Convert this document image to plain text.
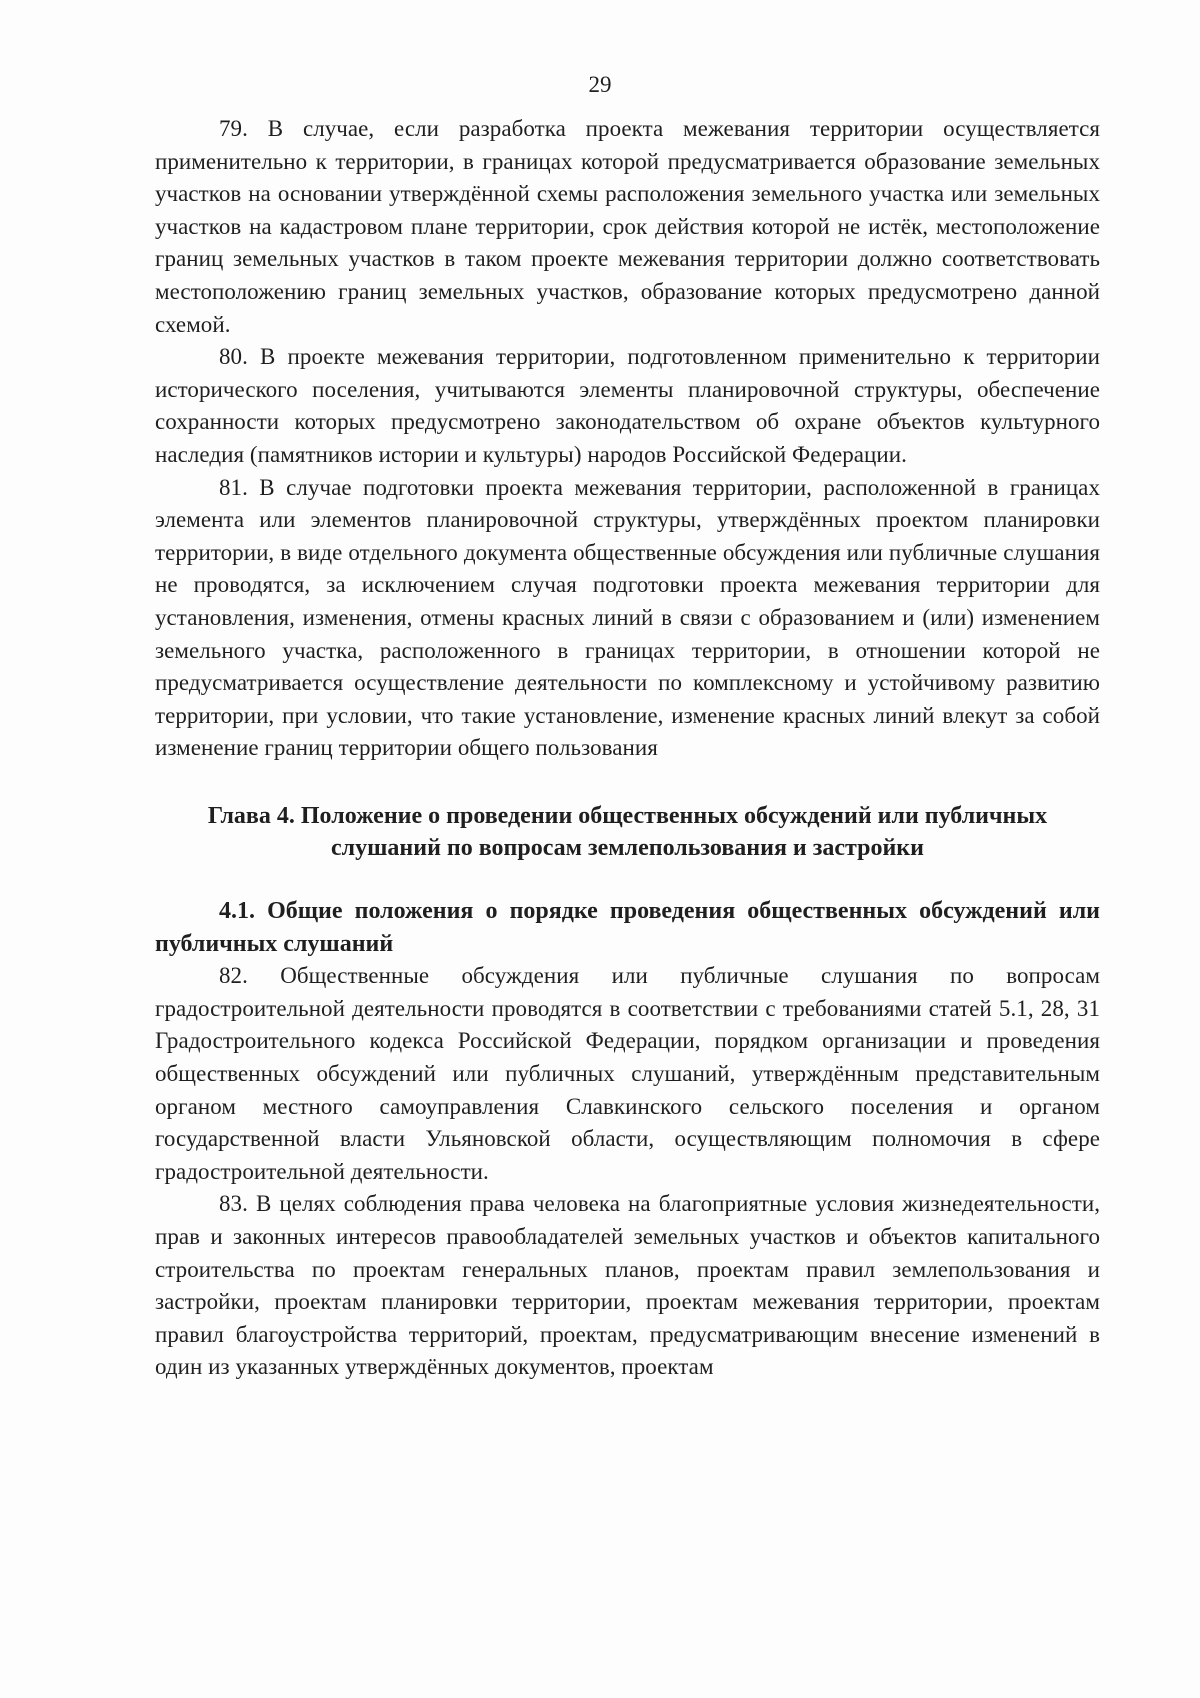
29

79. В случае, если разработка проекта межевания территории осуществляется применительно к территории, в границах которой предусматривается образование земельных участков на основании утверждённой схемы расположения земельного участка или земельных участков на кадастровом плане территории, срок действия которой не истёк, местоположение границ земельных участков в таком проекте межевания территории должно соответствовать местоположению границ земельных участков, образование которых предусмотрено данной схемой.

80. В проекте межевания территории, подготовленном применительно к территории исторического поселения, учитываются элементы планировочной структуры, обеспечение сохранности которых предусмотрено законодательством об охране объектов культурного наследия (памятников истории и культуры) народов Российской Федерации.

81. В случае подготовки проекта межевания территории, расположенной в границах элемента или элементов планировочной структуры, утверждённых проектом планировки территории, в виде отдельного документа общественные обсуждения или публичные слушания не проводятся, за исключением случая подготовки проекта межевания территории для установления, изменения, отмены красных линий в связи с образованием и (или) изменением земельного участка, расположенного в границах территории, в отношении которой не предусматривается осуществление деятельности по комплексному и устойчивому развитию территории, при условии, что такие установление, изменение красных линий влекут за собой изменение границ территории общего пользования

Глава 4. Положение о проведении общественных обсуждений или публичных слушаний по вопросам землепользования и застройки
4.1. Общие положения о порядке проведения общественных обсуждений или публичных слушаний

82. Общественные обсуждения или публичные слушания по вопросам градостроительной деятельности проводятся в соответствии с требованиями статей 5.1, 28, 31 Градостроительного кодекса Российской Федерации, порядком организации и проведения общественных обсуждений или публичных слушаний, утверждённым представительным органом местного самоуправления Славкинского сельского поселения и органом государственной власти Ульяновской области, осуществляющим полномочия в сфере градостроительной деятельности.

83. В целях соблюдения права человека на благоприятные условия жизнедеятельности, прав и законных интересов правообладателей земельных участков и объектов капитального строительства по проектам генеральных планов, проектам правил землепользования и застройки, проектам планировки территории, проектам межевания территории, проектам правил благоустройства территорий, проектам, предусматривающим внесение изменений в один из указанных утверждённых документов, проектам
